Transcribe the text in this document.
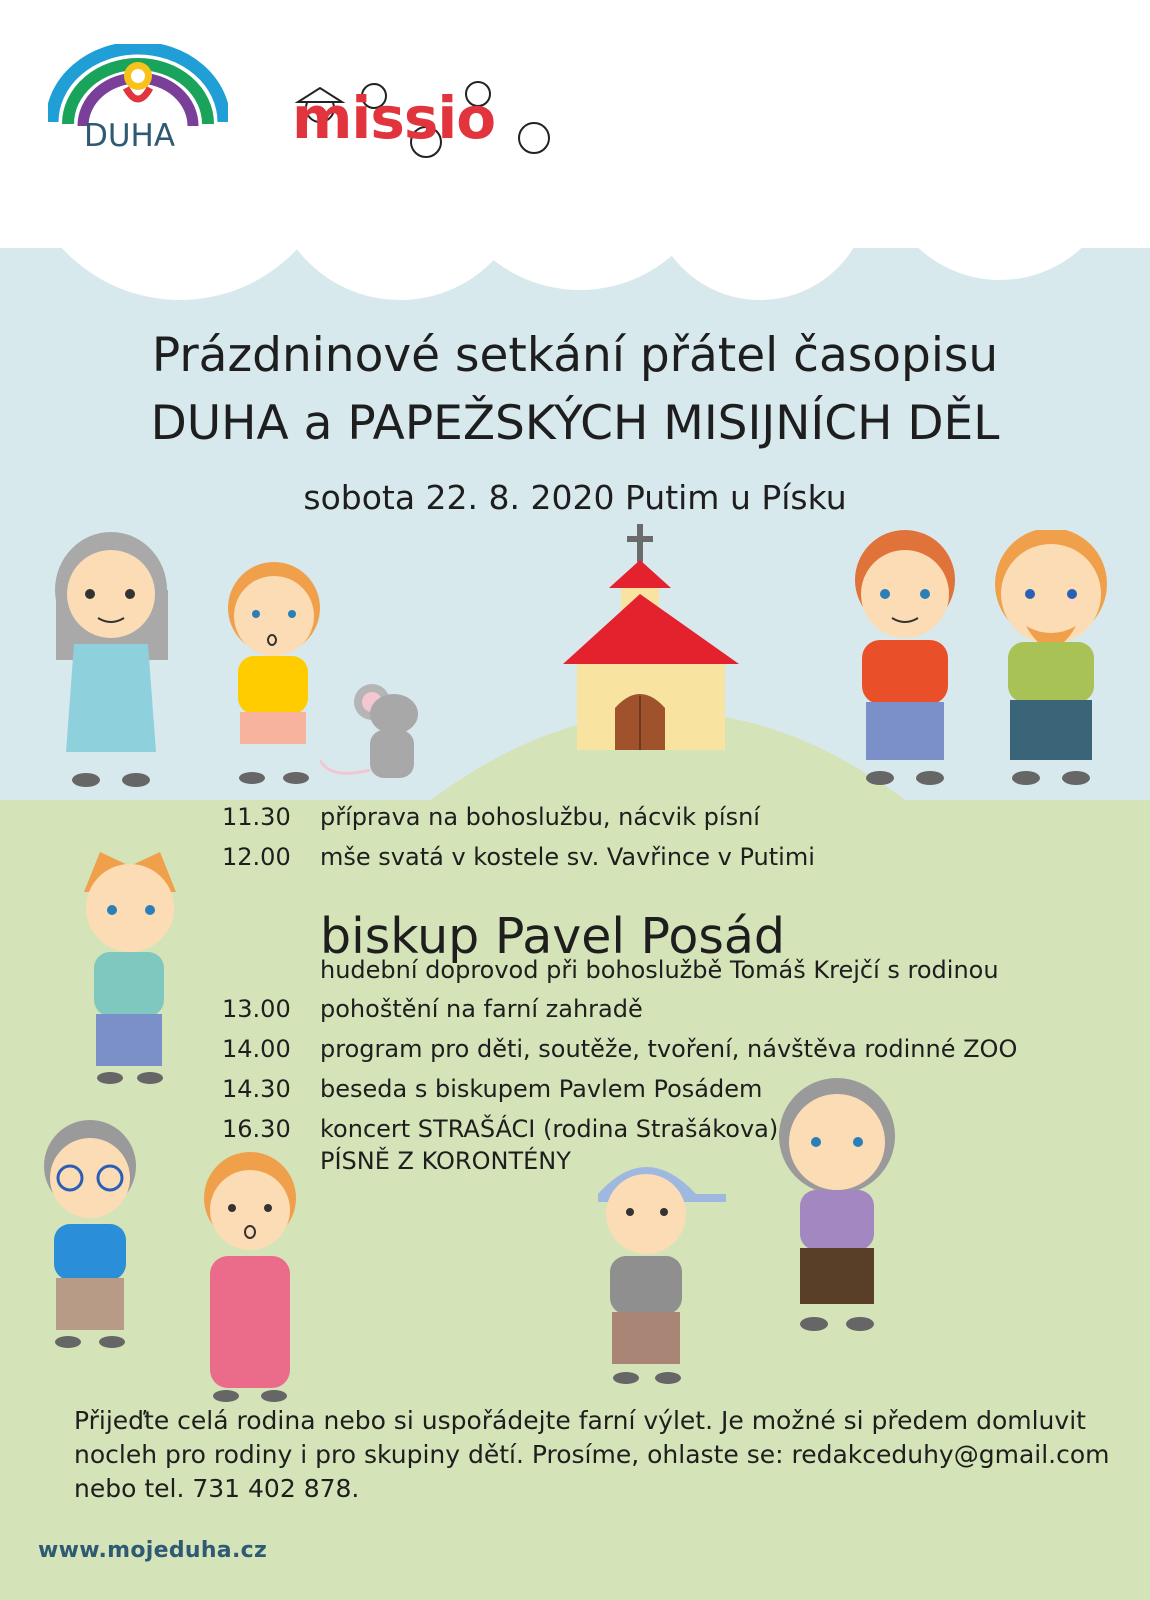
DUHA missio
Prázdninové setkání přátel časopisu
DUHA a PAPEŽSKÝCH MISIJNÍCH DĚL
sobota 22. 8. 2020 Putim u Písku
11.30 příprava na bohoslužbu, nácvik písní
12.00 mše svatá v kostele sv. Vavřince v Putimi
biskup Pavel Posád
hudební doprovod při bohoslužbě Tomáš Krejčí s rodinou
13.00 pohoštění na farní zahradě
14.00 program pro děti, soutěže, tvoření, návštěva rodinné ZOO
14.30 beseda s biskupem Pavlem Posádem
16.30 koncert STRAŠÁCI (rodina Strašákova)
PÍSNĚ Z KORONTÉNY
Přijeďte celá rodina nebo si uspořádejte farní výlet. Je možné si předem domluvit
nocleh pro rodiny i pro skupiny dětí. Prosíme, ohlaste se: redakceduhy@gmail.com
nebo tel. 731 402 878.
www.mojeduha.cz
